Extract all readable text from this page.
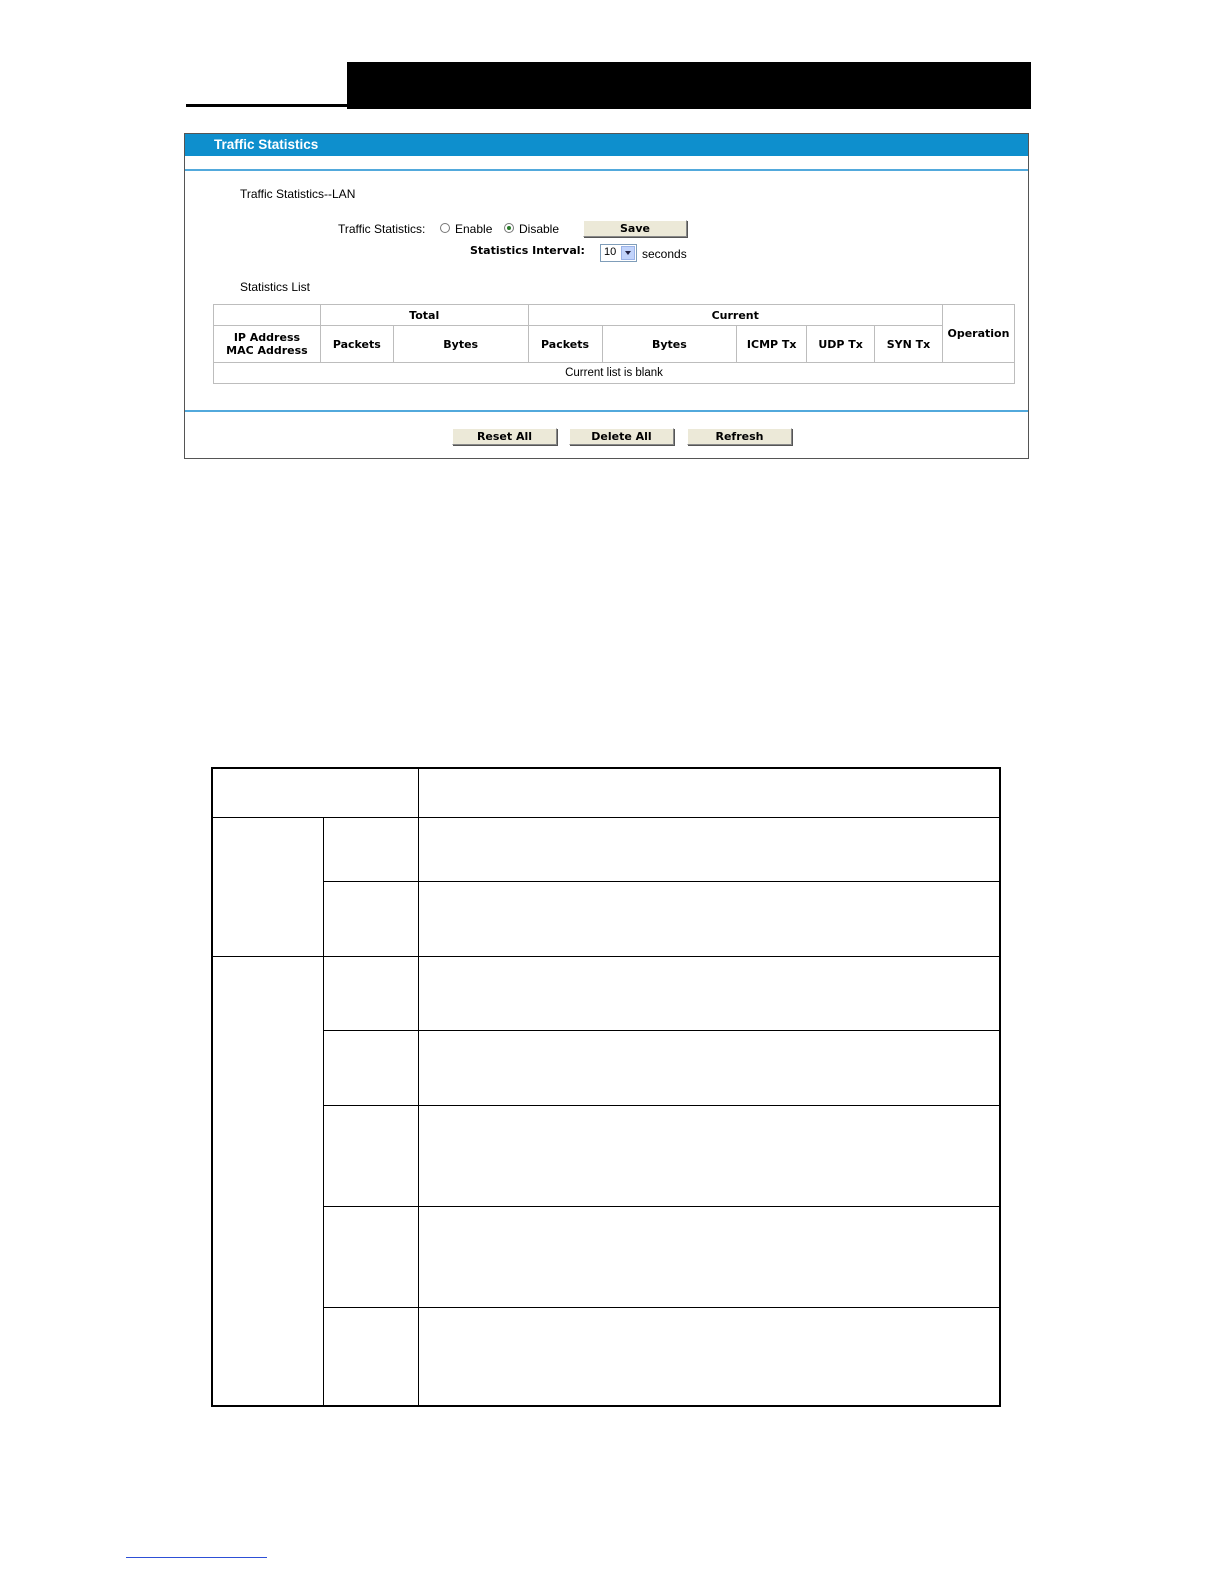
Traffic Statistics
Traffic Statistics--LAN
Traffic Statistics: Enable Disable	Save
Statistics Interval: 10 seconds
Statistics List
	Total		Current					Operation

IP Address
MAC Address	Packets	Bytes	Packets	Bytes	ICMP Tx	UDP Tx	SYN Tx	
Current list is blank								
Reset All	Delete All	Refresh
